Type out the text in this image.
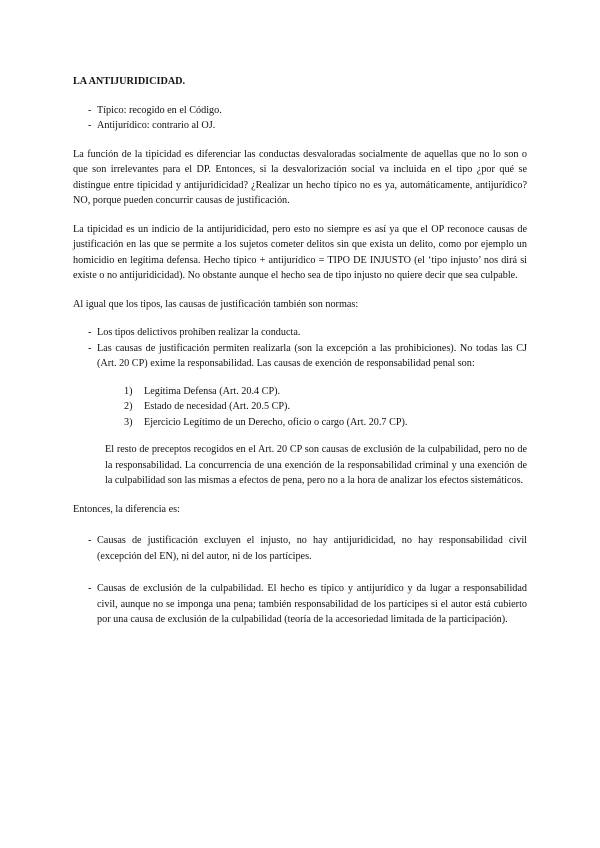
LA ANTIJURIDICIDAD.
- Típico: recogido en el Código.
- Antijurídico: contrario al OJ.

La función de la tipicidad es diferenciar las conductas desvaloradas socialmente de aquellas que no lo son o que son irrelevantes para el DP. Entonces, si la desvalorización social va incluida en el tipo ¿por qué se distingue entre tipicidad y antijuridicidad? ¿Realizar un hecho típico no es ya, automáticamente, antijurídico? NO, porque pueden concurrir causas de justificación.

La tipicidad es un indicio de la antijuridicidad, pero esto no siempre es así ya que el OP reconoce causas de justificación en las que se permite a los sujetos cometer delitos sin que exista un delito, como por ejemplo un homicidio en legítima defensa. Hecho típico + antijurídico = TIPO DE INJUSTO (el ‘tipo injusto’ nos dirá si existe o no antijuridicidad). No obstante aunque el hecho sea de tipo injusto no quiere decir que sea culpable.

Al igual que los tipos, las causas de justificación también son normas:

- Los tipos delictivos prohíben realizar la conducta.
- Las causas de justificación permiten realizarla (son la excepción a las prohibiciones). No todas las CJ (Art. 20 CP) exime la responsabilidad. Las causas de exención de responsabilidad penal son:
1) Legítima Defensa (Art. 20.4 CP).
2) Estado de necesidad (Art. 20.5 CP).
3) Ejercicio Legítimo de un Derecho, oficio o cargo (Art. 20.7 CP).

El resto de preceptos recogidos en el Art. 20 CP son causas de exclusión de la culpabilidad, pero no de la responsabilidad. La concurrencia de una exención de la responsabilidad criminal y una exención de la culpabilidad son las mismas a efectos de pena, pero no a la hora de analizar los efectos sistemáticos.

Entonces, la diferencia es:

- Causas de justificación excluyen el injusto, no hay antijuridicidad, no hay responsabilidad civil (excepción del EN), ni del autor, ni de los partícipes.
- Causas de exclusión de la culpabilidad. El hecho es típico y antijurídico y da lugar a responsabilidad civil, aunque no se imponga una pena; también responsabilidad de los partícipes si el autor está cubierto por una causa de exclusión de la culpabilidad (teoría de la accesoriedad limitada de la participación).
